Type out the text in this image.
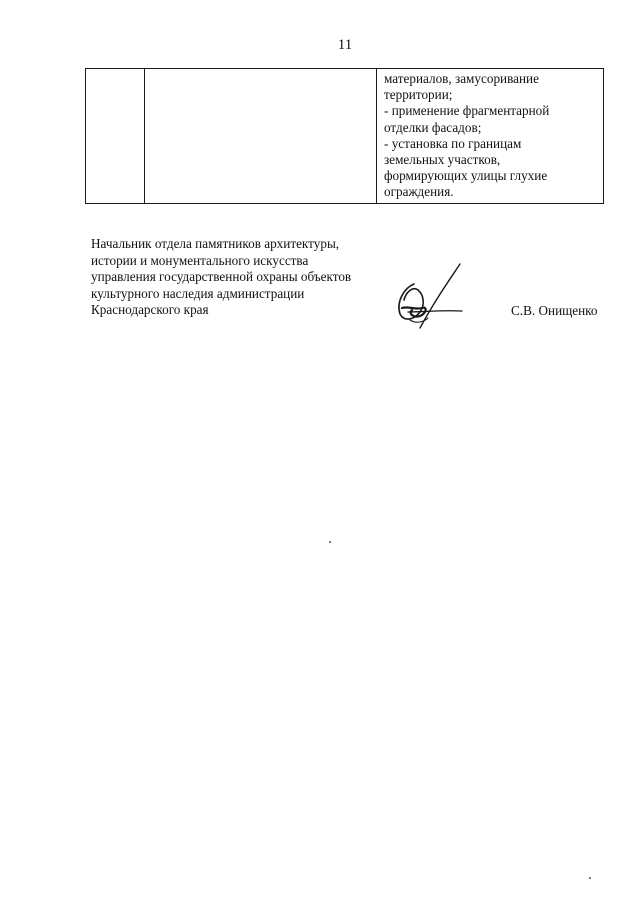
11

материалов, замусоривание
территории;
- применение фрагментарной
отделки фасадов;
- установка по границам
земельных участков,
формирующих улицы глухие
ограждения.
Начальник отдела памятников архитектуры,
истории и монументального искусства
управления государственной охраны объектов
культурного наследия администрации
Краснодарского края	С.В. Онищенко
